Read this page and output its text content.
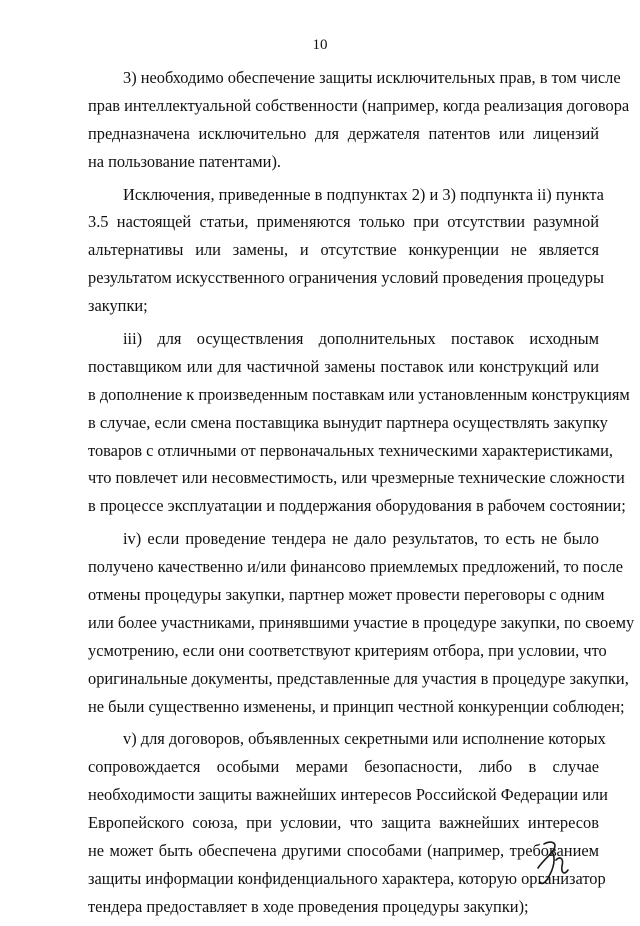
10

3) необходимо обеспечение защиты исключительных прав, в том числе
прав интеллектуальной собственности (например, когда реализация договора
предназначена исключительно для держателя патентов или лицензий
на пользование патентами).

Исключения, приведенные в подпунктах 2) и 3) подпункта ii) пункта
3.5 настоящей статьи, применяются только при отсутствии разумной
альтернативы или замены, и отсутствие конкуренции не является
результатом искусственного ограничения условий проведения процедуры
закупки;

iii) для осуществления дополнительных поставок исходным
поставщиком или для частичной замены поставок или конструкций или
в дополнение к произведенным поставкам или установленным конструкциям
в случае, если смена поставщика вынудит партнера осуществлять закупку
товаров с отличными от первоначальных техническими характеристиками,
что повлечет или несовместимость, или чрезмерные технические сложности
в процессе эксплуатации и поддержания оборудования в рабочем состоянии;

iv) если проведение тендера не дало результатов, то есть не было
получено качественно и/или финансово приемлемых предложений, то после
отмены процедуры закупки, партнер может провести переговоры с одним
или более участниками, принявшими участие в процедуре закупки, по своему
усмотрению, если они соответствуют критериям отбора, при условии, что
оригинальные документы, представленные для участия в процедуре закупки,
не были существенно изменены, и принцип честной конкуренции соблюден;

v) для договоров, объявленных секретными или исполнение которых
сопровождается особыми мерами безопасности, либо в случае
необходимости защиты важнейших интересов Российской Федерации или
Европейского союза, при условии, что защита важнейших интересов
не может быть обеспечена другими способами (например, требованием
защиты информации конфиденциального характера, которую организатор
тендера предоставляет в ходе проведения процедуры закупки);
